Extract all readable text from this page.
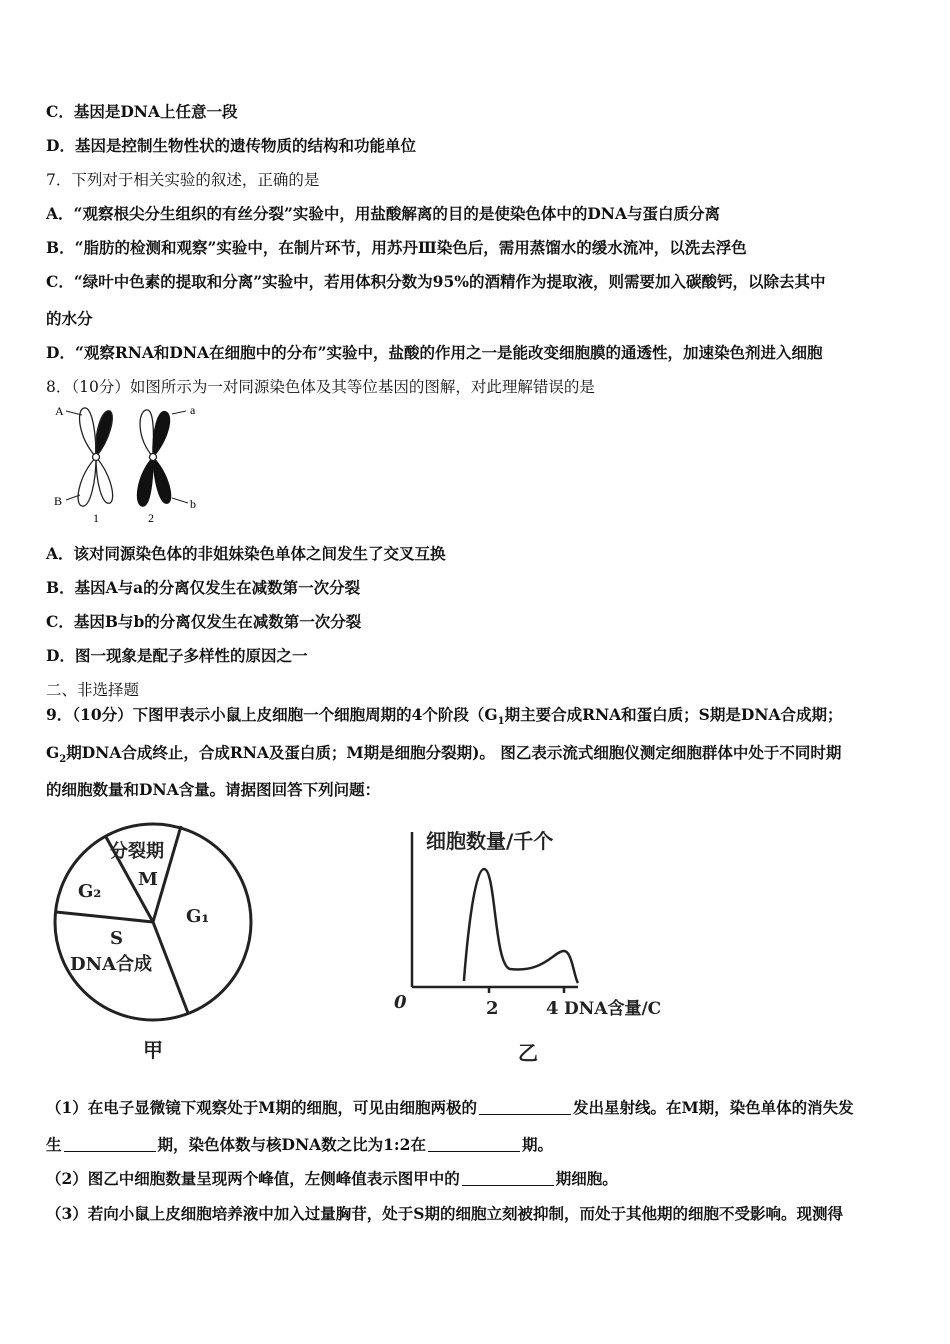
C．基因是DNA上任意一段
D．基因是控制生物性状的遗传物质的结构和功能单位
7．下列对于相关实验的叙述，正确的是
A．“观察根尖分生组织的有丝分裂”实验中，用盐酸解离的目的是使染色体中的DNA与蛋白质分离
B．“脂肪的检测和观察”实验中，在制片环节，用苏丹Ⅲ染色后，需用蒸馏水的缓水流冲，以洗去浮色
C．“绿叶中色素的提取和分离”实验中，若用体积分数为95%的酒精作为提取液，则需要加入碳酸钙，以除去其中
的水分
D．“观察RNA和DNA在细胞中的分布”实验中，盐酸的作用之一是能改变细胞膜的通透性，加速染色剂进入细胞
8．（10分）如图所示为一对同源染色体及其等位基因的图解，对此理解错误的是
A	a
B	b
1	2
A．该对同源染色体的非姐妹染色单体之间发生了交叉互换
B．基因A与a的分离仅发生在减数第一次分裂
C．基因B与b的分离仅发生在减数第一次分裂
D．图一现象是配子多样性的原因之一
二、非选择题
9．（10分）下图甲表示小鼠上皮细胞一个细胞周期的4个阶段（$G_1$期主要合成RNA和蛋白质；S期是DNA合成期；
$G_2$期DNA合成终止，合成RNA及蛋白质；M期是细胞分裂期)。 图乙表示流式细胞仪测定细胞群体中处于不同时期
的细胞数量和DNA含量。请据图回答下列问题：
分裂期
M
G₂
G₁
S
DNA合成
甲
细胞数量/千个
0	2	4 DNA含量/C
乙
（1）在电子显微镜下观察处于M期的细胞，可见由细胞两极的	发出星射线。在M期，染色单体的消失发
生	期，染色体数与核DNA数之比为1:2在	期。
（2）图乙中细胞数量呈现两个峰值，左侧峰值表示图甲中的	期细胞。
（3）若向小鼠上皮细胞培养液中加入过量胸苷，处于S期的细胞立刻被抑制，而处于其他期的细胞不受影响。现测得
